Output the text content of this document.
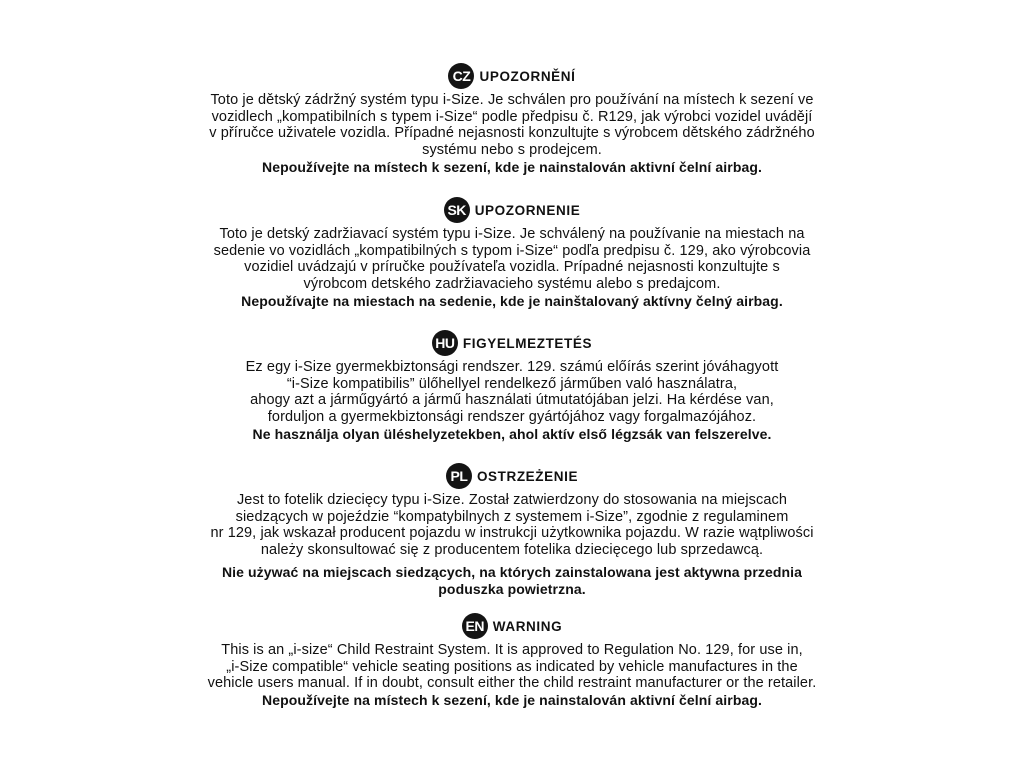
CZ UPOZORNĚNÍ
Toto je dětský zádržný systém typu i-Size. Je schválen pro používání na místech k sezení ve
vozidlech „kompatibilních s typem i-Size“ podle předpisu č. R129, jak výrobci vozidel uvádějí
v příručce uživatele vozidla. Případné nejasnosti konzultujte s výrobcem dětského zádržného
systému nebo s prodejcem.
Nepoužívejte na místech k sezení, kde je nainstalován aktivní čelní airbag.
SK UPOZORNENIE
Toto je detský zadržiavací systém typu i-Size. Je schválený na používanie na miestach na
sedenie vo vozidlách „kompatibilných s typom i-Size“ podľa predpisu č. 129, ako výrobcovia
vozidiel uvádzajú v príručke používateľa vozidla. Prípadné nejasnosti konzultujte s
výrobcom detského zadržiavacieho systému alebo s predajcom.
Nepoužívajte na miestach na sedenie, kde je nainštalovaný aktívny čelný airbag.
HU FIGYELMEZTETÉS
Ez egy i-Size gyermekbiztonsági rendszer. 129. számú előírás szerint jóváhagyott
“i-Size kompatibilis” ülőhellyel rendelkező járműben való használatra,
ahogy azt a járműgyártó a jármű használati útmutatójában jelzi. Ha kérdése van,
forduljon a gyermekbiztonsági rendszer gyártójához vagy forgalmazójához.
Ne használja olyan üléshelyzetekben, ahol aktív első légzsák van felszerelve.
PL OSTRZEŻENIE
Jest to fotelik dziecięcy typu i-Size. Został zatwierdzony do stosowania na miejscach
siedzących w pojeździe “kompatybilnych z systemem i-Size”, zgodnie z regulaminem
nr 129, jak wskazał producent pojazdu w instrukcji użytkownika pojazdu. W razie wątpliwości
należy skonsultować się z producentem fotelika dziecięcego lub sprzedawcą.
Nie używać na miejscach siedzących, na których zainstalowana jest aktywna przednia
poduszka powietrzna.
EN WARNING
This is an „i-size“ Child Restraint System. It is approved to Regulation No. 129, for use in,
„i-Size compatible“ vehicle seating positions as indicated by vehicle manufactures in the
vehicle users manual. If in doubt, consult either the child restraint manufacturer or the retailer.
Nepoužívejte na místech k sezení, kde je nainstalován aktivní čelní airbag.
